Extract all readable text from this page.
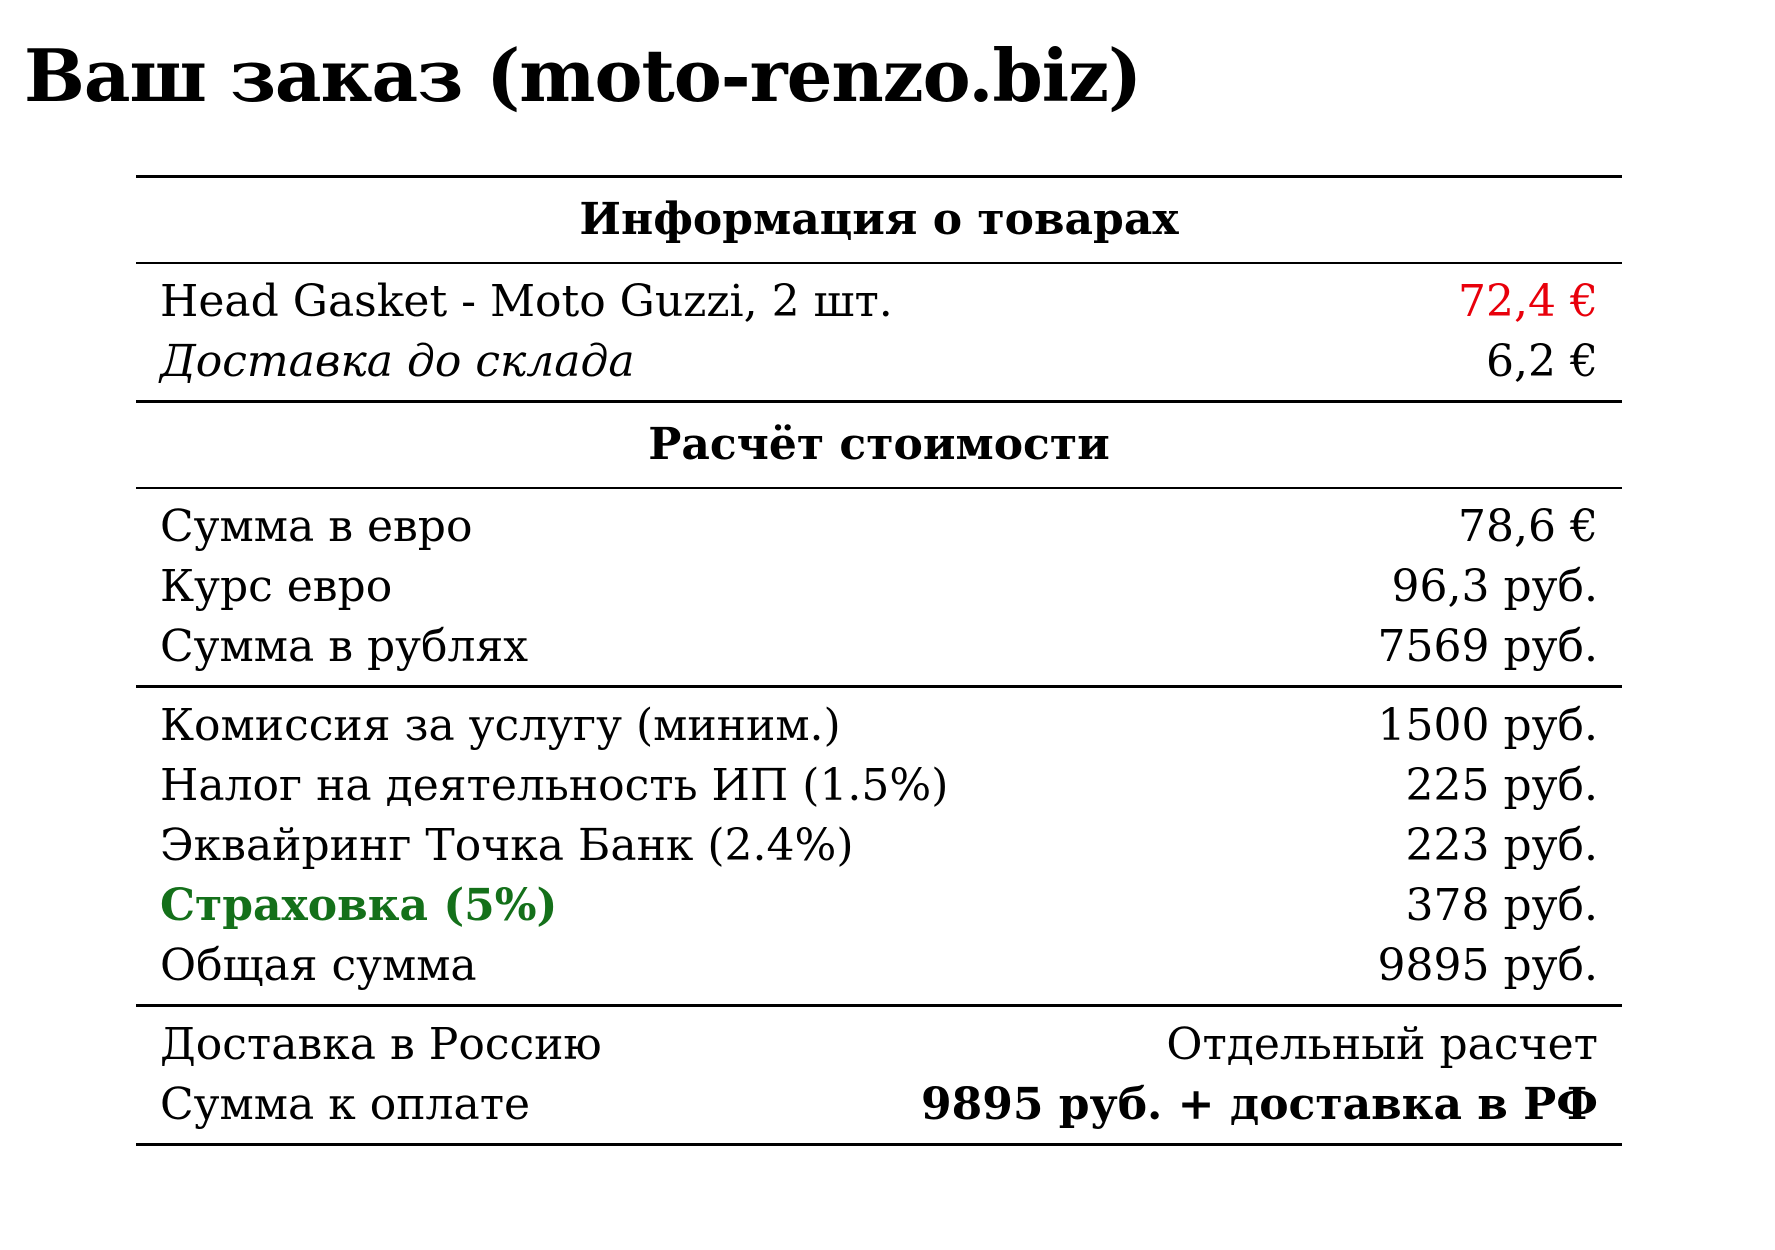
Ваш заказ (moto-renzo.biz)
Информация о товарах
Head Gasket - Moto Guzzi, 2 шт.	72,4 €
Доставка до склада	6,2 €
Расчёт стоимости
Сумма в евро	78,6 €
Курс евро	96,3 руб.
Сумма в рублях	7569 руб.
Комиссия за услугу (миним.)	1500 руб.
Налог на деятельность ИП (1.5%)	225 руб.
Эквайринг Точка Банк (2.4%)	223 руб.
Страховка (5%)	378 руб.
Общая сумма	9895 руб.
Доставка в Россию	Отдельный расчет
Сумма к оплате	9895 руб. + доставка в РФ
